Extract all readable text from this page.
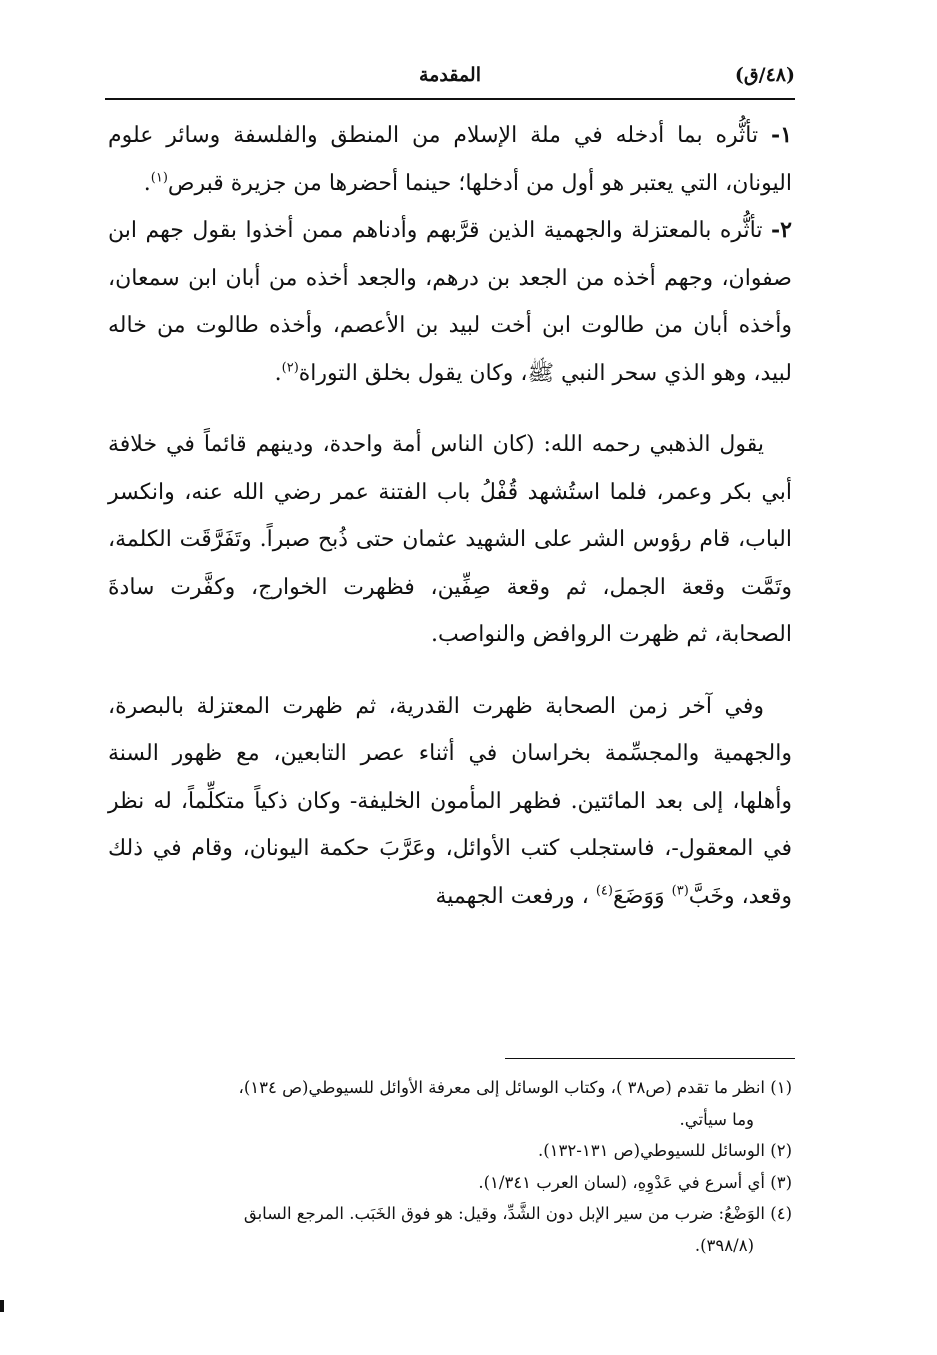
(٤٨/ق)
المقدمة

١- تأثُّره بما أدخله في ملة الإسلام من المنطق والفلسفة وسائر علوم اليونان، التي يعتبر هو أول من أدخلها؛ حينما أحضرها من جزيرة قبرص$^{(١)}$.

٢- تأثُّره بالمعتزلة والجهمية الذين قرَّبهم وأدناهم ممن أخذوا بقول جهم ابن صفوان، وجهم أخذه من الجعد بن درهم، والجعد أخذه من أبان ابن سمعان، وأخذه أبان من طالوت ابن أخت لبيد بن الأعصم، وأخذه طالوت من خاله لبيد، وهو الذي سحر النبي ﷺ، وكان يقول بخلق التوراة$^{(٢)}$.

يقول الذهبي رحمه الله: (كان الناس أمة واحدة، ودينهم قائماً في خلافة أبي بكر وعمر، فلما استُشهد قُفْلُ باب الفتنة عمر رضي الله عنه، وانكسر الباب، قام رؤوس الشر على الشهيد عثمان حتى ذُبح صبراً. وتَفَرَّقَت الكلمة، وتَمَّت وقعة الجمل، ثم وقعة صِفِّين، فظهرت الخوارج، وكفَّرت سادةَ الصحابة، ثم ظهرت الروافض والنواصب.

وفي آخر زمن الصحابة ظهرت القدرية، ثم ظهرت المعتزلة بالبصرة، والجهمية والمجسِّمة بخراسان في أثناء عصر التابعين، مع ظهور السنة وأهلها، إلى بعد المائتين. فظهر المأمون الخليفة- وكان ذكياً متكلِّماً، له نظر في المعقول-، فاستجلب كتب الأوائل، وعَرَّبَ حكمة اليونان، وقام في ذلك وقعد، وخَبَّ$^{(٣)}$ وَوَضَعَ$^{(٤)}$ ، ورفعت الجهمية

(١) انظر ما تقدم (ص٣٨ )، وكتاب الوسائل إلى معرفة الأوائل للسيوطي(ص ١٣٤)،

وما سيأتي.

(٢) الوسائل للسيوطي(ص ١٣١-١٣٢).

(٣) أي أسرع في عَدْوِهِ، (لسان العرب ١/٣٤١).

(٤) الوَضْعُ: ضرب من سير الإبل دون الشَّدِّ، وقيل: هو فوق الخَبَب. المرجع السابق

(٣٩٨/٨).
